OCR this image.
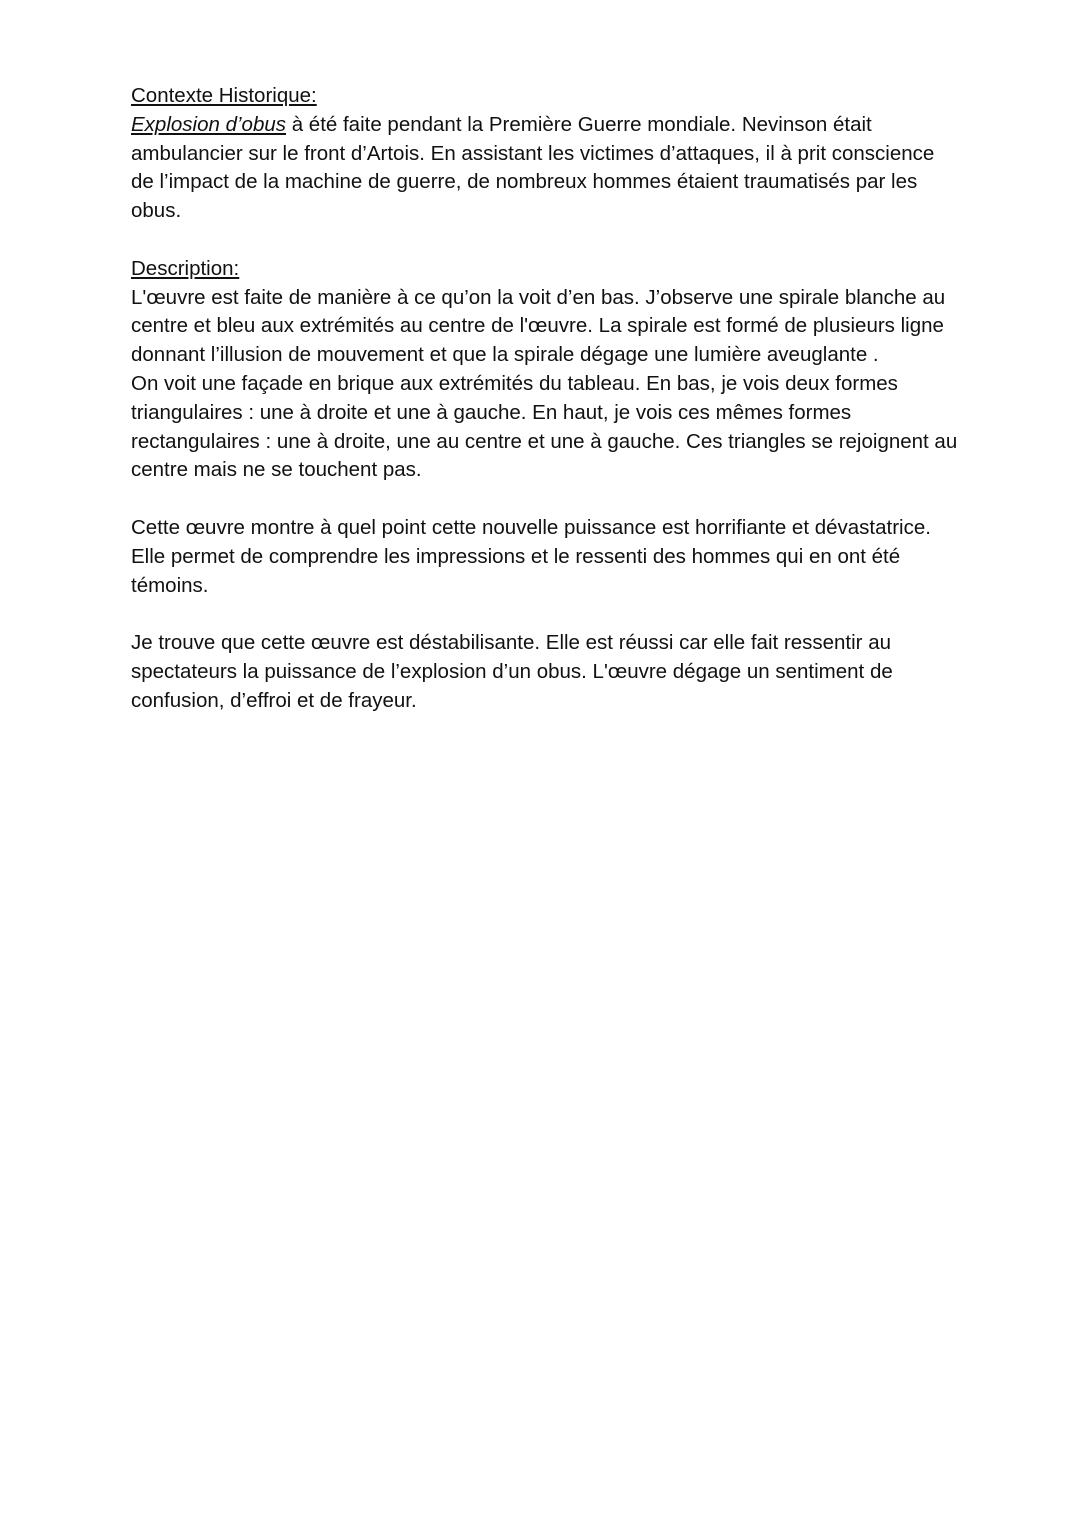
Contexte Historique:

Explosion d’obus à été faite pendant la Première Guerre mondiale. Nevinson était ambulancier sur le front d’Artois. En assistant les victimes d’attaques, il à prit conscience de l’impact de la machine de guerre, de nombreux hommes étaient traumatisés par les obus.

Description:

L'œuvre est faite de manière à ce qu’on la voit d’en bas. J’observe une spirale blanche au centre et bleu aux extrémités au centre de l'œuvre. La spirale est formé de plusieurs ligne donnant l’illusion de mouvement et que la spirale dégage une lumière aveuglante .

On voit une façade en brique aux extrémités du tableau. En bas, je vois deux formes triangulaires : une à droite et une à gauche. En haut, je vois ces mêmes formes rectangulaires : une à droite, une au centre et une à gauche. Ces triangles se rejoignent au centre mais ne se touchent pas.

Cette œuvre montre à quel point cette nouvelle puissance est horrifiante et dévastatrice. Elle permet de comprendre les impressions et le ressenti des hommes qui en ont été témoins.

Je trouve que cette œuvre est déstabilisante. Elle est réussi car elle fait ressentir au spectateurs la puissance de l’explosion d’un obus. L'œuvre dégage un sentiment de confusion, d’effroi et de frayeur.
